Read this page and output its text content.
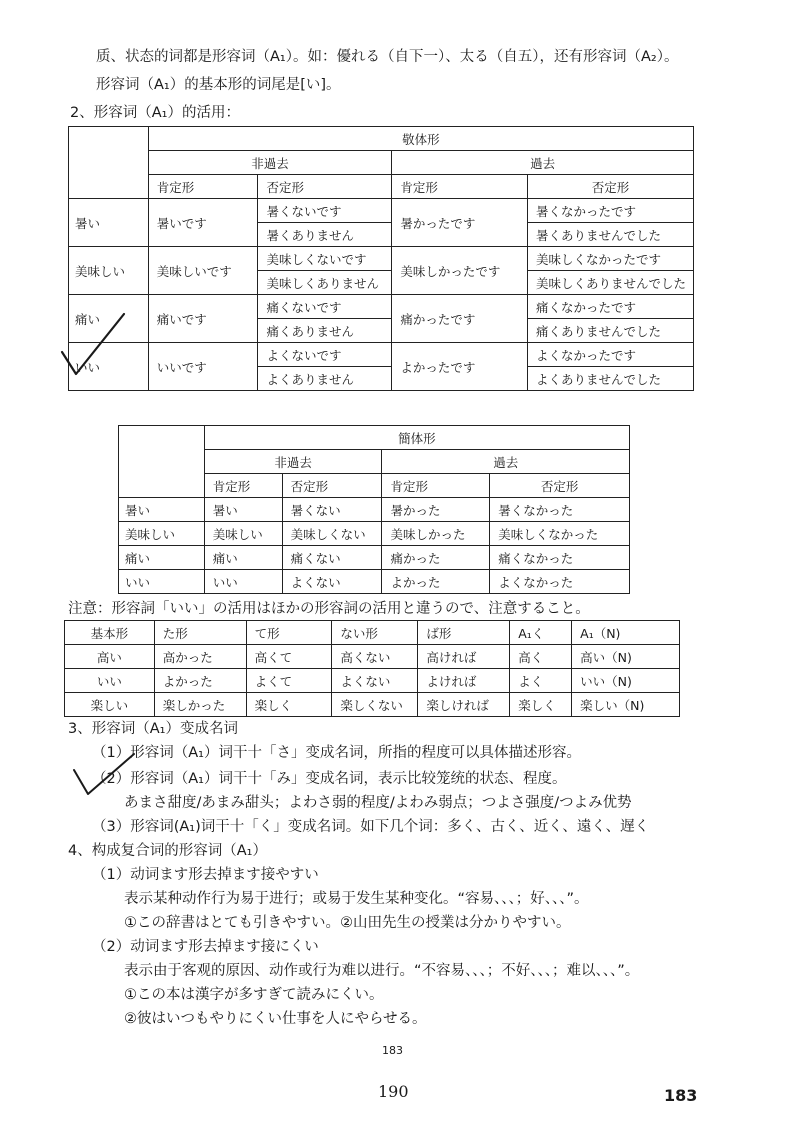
质、状态的词都是形容词（A₁）。如：優れる（自下一）、太る（自五），还有形容词（A₂）。
形容词（A₁）的基本形的词尾是[い]。
2、形容词（A₁）的活用：
	敬体形			
	非過去		過去	
	肯定形	否定形	肯定形	否定形
暑い	暑いです	暑くないです	暑かったです	暑くなかったです
		暑くありません		暑くありませんでした
美味しい	美味しいです	美味しくないです	美味しかったです	美味しくなかったです
		美味しくありません		美味しくありませんでした
痛い	痛いです	痛くないです	痛かったです	痛くなかったです
		痛くありません		痛くありませんでした
いい	いいです	よくないです	よかったです	よくなかったです
		よくありません		よくありませんでした
	簡体形			
	非過去		過去	
	肯定形	否定形	肯定形	否定形
暑い	暑い	暑くない	暑かった	暑くなかった
美味しい	美味しい	美味しくない	美味しかった	美味しくなかった
痛い	痛い	痛くない	痛かった	痛くなかった
いい	いい	よくない	よかった	よくなかった
注意：形容詞「いい」の活用はほかの形容詞の活用と違うので、注意すること。
基本形	た形	て形	ない形	ば形	A₁く	A₁（N)
高い	高かった	高くて	高くない	高ければ	高く	高い（N)
いい	よかった	よくて	よくない	よければ	よく	いい（N)
楽しい	楽しかった	楽しく	楽しくない	楽しければ	楽しく	楽しい（N)
3、形容词（A₁）变成名词
（1）形容词（A₁）词干十「さ」变成名词，所指的程度可以具体描述形容。
（2）形容词（A₁）词干十「み」变成名词，表示比较笼统的状态、程度。
あまさ甜度/あまみ甜头；よわさ弱的程度/よわみ弱点；つよさ强度/つよみ优势
（3）形容词(A₁)词干十「く」变成名词。如下几个词：多く、古く、近く、遠く、遅く
4、构成复合词的形容词（A₁）
（1）动词ます形去掉ます接やすい
表示某种动作行为易于进行；或易于发生某种变化。“容易、、、；好、、、”。
①この辞書はとても引きやすい。②山田先生の授業は分かりやすい。
（2）动词ます形去掉ます接にくい
表示由于客观的原因、动作或行为难以进行。“不容易、、、；不好、、、；难以、、、”。
①この本は漢字が多すぎて読みにくい。
②彼はいつもやりにくい仕事を人にやらせる。
183
190	183
